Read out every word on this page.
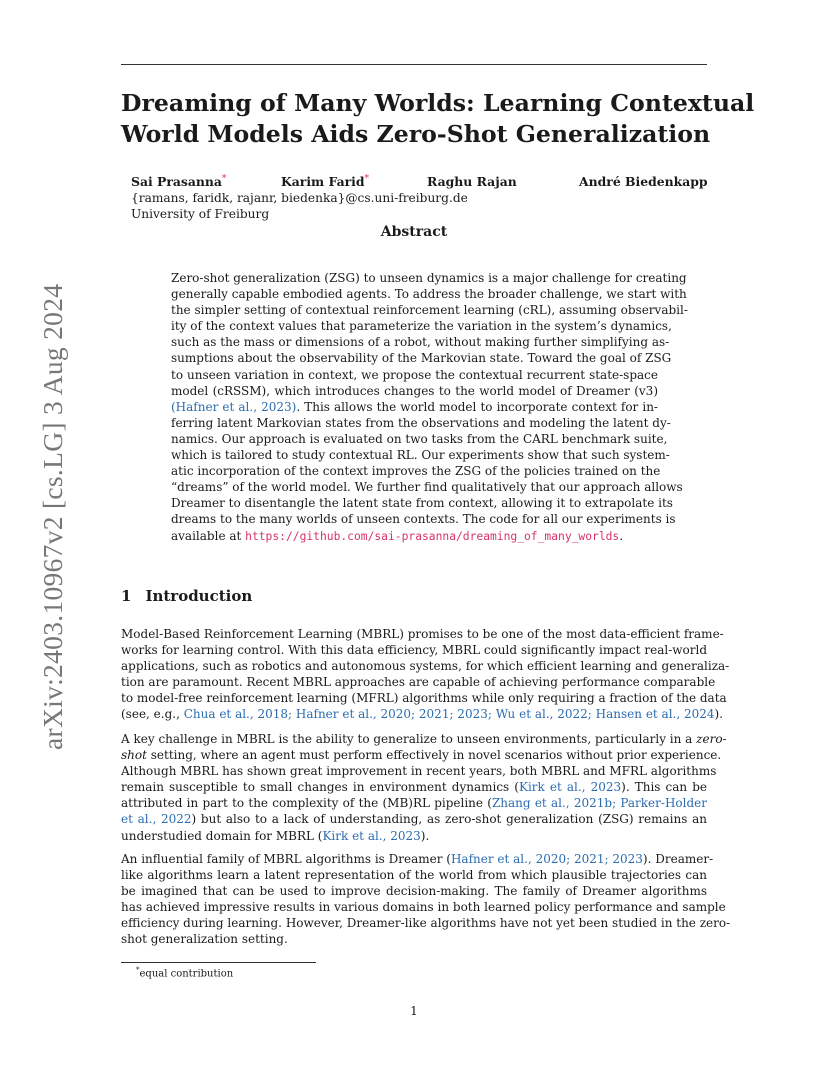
arXiv:2403.10967v2 [cs.LG] 3 Aug 2024
Dreaming of Many Worlds: Learning Contextual
World Models Aids Zero-Shot Generalization
Sai Prasanna*	Karim Farid*	Raghu Rajan	André Biedenkapp
{ramans, faridk, rajanr, biedenka}@cs.uni-freiburg.de
University of Freiburg
Abstract
Zero-shot generalization (ZSG) to unseen dynamics is a major challenge for creating
generally capable embodied agents. To address the broader challenge, we start with
the simpler setting of contextual reinforcement learning (cRL), assuming observabil-
ity of the context values that parameterize the variation in the system’s dynamics,
such as the mass or dimensions of a robot, without making further simplifying as-
sumptions about the observability of the Markovian state. Toward the goal of ZSG
to unseen variation in context, we propose the contextual recurrent state-space
model (cRSSM), which introduces changes to the world model of Dreamer (v3)
(Hafner et al., 2023). This allows the world model to incorporate context for in-
ferring latent Markovian states from the observations and modeling the latent dy-
namics. Our approach is evaluated on two tasks from the CARL benchmark suite,
which is tailored to study contextual RL. Our experiments show that such system-
atic incorporation of the context improves the ZSG of the policies trained on the
“dreams” of the world model. We further find qualitatively that our approach allows
Dreamer to disentangle the latent state from context, allowing it to extrapolate its
dreams to the many worlds of unseen contexts. The code for all our experiments is
available at https://github.com/sai-prasanna/dreaming_of_many_worlds.
1 Introduction
Model-Based Reinforcement Learning (MBRL) promises to be one of the most data-efficient frame-
works for learning control. With this data efficiency, MBRL could significantly impact real-world
applications, such as robotics and autonomous systems, for which efficient learning and generaliza-
tion are paramount. Recent MBRL approaches are capable of achieving performance comparable
to model-free reinforcement learning (MFRL) algorithms while only requiring a fraction of the data
(see, e.g., Chua et al., 2018; Hafner et al., 2020; 2021; 2023; Wu et al., 2022; Hansen et al., 2024).
A key challenge in MBRL is the ability to generalize to unseen environments, particularly in a zero-
shot setting, where an agent must perform effectively in novel scenarios without prior experience.
Although MBRL has shown great improvement in recent years, both MBRL and MFRL algorithms
remain susceptible to small changes in environment dynamics (Kirk et al., 2023). This can be
attributed in part to the complexity of the (MB)RL pipeline (Zhang et al., 2021b; Parker-Holder
et al., 2022) but also to a lack of understanding, as zero-shot generalization (ZSG) remains an
understudied domain for MBRL (Kirk et al., 2023).
An influential family of MBRL algorithms is Dreamer (Hafner et al., 2020; 2021; 2023). Dreamer-
like algorithms learn a latent representation of the world from which plausible trajectories can
be imagined that can be used to improve decision-making. The family of Dreamer algorithms
has achieved impressive results in various domains in both learned policy performance and sample
efficiency during learning. However, Dreamer-like algorithms have not yet been studied in the zero-
shot generalization setting.
*equal contribution
1
